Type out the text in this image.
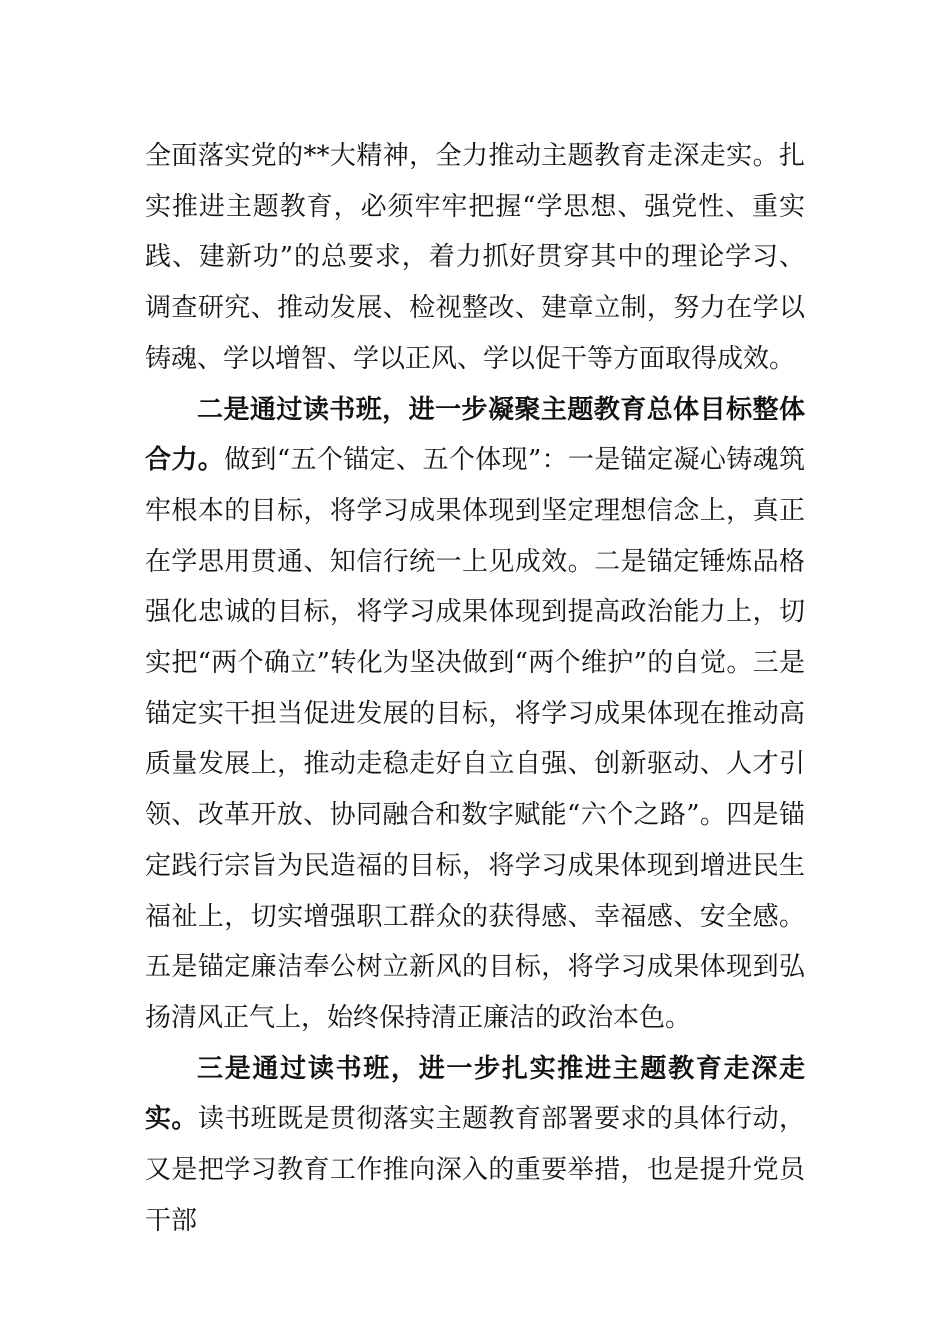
全面落实党的**大精神，全力推动主题教育走深走实。扎实推进主题教育，必须牢牢把握“学思想、强党性、重实践、建新功”的总要求，着力抓好贯穿其中的理论学习、调查研究、推动发展、检视整改、建章立制，努力在学以铸魂、学以增智、学以正风、学以促干等方面取得成效。

二是通过读书班，进一步凝聚主题教育总体目标整体合力。做到“五个锚定、五个体现”：一是锚定凝心铸魂筑牢根本的目标，将学习成果体现到坚定理想信念上，真正在学思用贯通、知信行统一上见成效。二是锚定锤炼品格强化忠诚的目标，将学习成果体现到提高政治能力上，切实把“两个确立”转化为坚决做到“两个维护”的自觉。三是锚定实干担当促进发展的目标，将学习成果体现在推动高质量发展上，推动走稳走好自立自强、创新驱动、人才引领、改革开放、协同融合和数字赋能“六个之路”。四是锚定践行宗旨为民造福的目标，将学习成果体现到增进民生福祉上，切实增强职工群众的获得感、幸福感、安全感。五是锚定廉洁奉公树立新风的目标，将学习成果体现到弘扬清风正气上，始终保持清正廉洁的政治本色。

三是通过读书班，进一步扎实推进主题教育走深走实。读书班既是贯彻落实主题教育部署要求的具体行动，又是把学习教育工作推向深入的重要举措，也是提升党员干部
